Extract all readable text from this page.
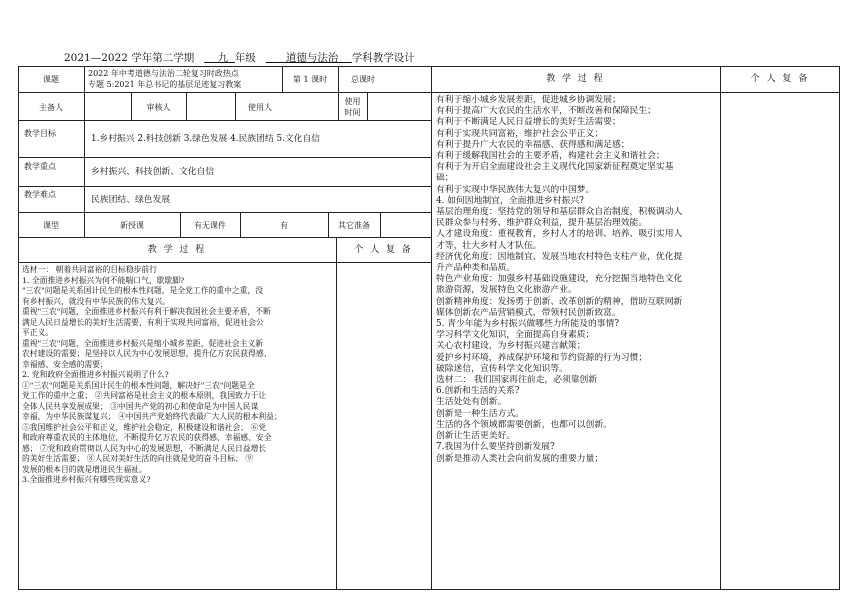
2021—2022 学年第二学期 九 年级	道德与法治 学科教学设计
课题
2022 年中考道德与法治二轮复习时政热点
专题 5:2021 年总书记的基层足迹复习教案
第 1 课时	总课时
主备人	审核人	使用人
使用时间
教学目标
1.乡村振兴 2.科技创新 3.绿色发展 4.民族团结 5.文化自信
教学重点
乡村振兴、科技创新、文化自信
教学难点
民族团结、绿色发展
课型	新授课	有无课件	有	其它准备
教 学 过 程	个 人 复 备
教 学 过 程	个 人 复 备
选材一： 朝着共同富裕的目标稳步前行
1. 全面推进乡村振兴为何不能喘口气、歇歇脚?
"三农"问题是关系国计民生的根本性问题，是全党工作的重中之重，没
有乡村振兴，就没有中华民族的伟大复兴。
重视"三农"问题，全面推进乡村振兴有利于解决我国社会主要矛盾，不断
满足人民日益增长的美好生活需要，有利于实现共同富裕，促进社会公
平正义。
重视"三农"问题，全面推进乡村振兴是缩小城乡差距，促进社会主义新
农村建设的需要；是坚持以人民为中心发展思想，提升亿万农民获得感、
幸福感、安全感的需要；
2. 党和政府全面推进乡村振兴说明了什么?
①"三农"问题是关系国计民生的根本性问题，解决好"三农"问题是全
党工作的重中之重； ②共同富裕是社会主义的根本原则，我国致力于让
全体人民共享发展成果； ③中国共产党的初心和使命是为中国人民谋
幸福，为中华民族谋复兴； ④中国共产党始终代表最广大人民的根本利益；
⑤我国维护社会公平和正义，维护社会稳定，积极建设和谐社会； ⑥党
和政府尊重农民的主体地位，不断提升亿万农民的获得感、幸福感、安全
感； ⑦党和政府贯彻以人民为中心的发展思想，不断满足人民日益增长
的美好生活需要； ⑧人民对美好生活的向往就是党的奋斗目标； ⑨
发展的根本目的就是增进民生福祉。
3.全面推进乡村振兴有哪些现实意义?
有利于缩小城乡发展差距，促进城乡协调发展；
有利于提高广大农民的生活水平，不断改善和保障民生；
有利于不断满足人民日益增长的美好生活需要；
有利于实现共同富裕，维护社会公平正义；
有利于提升广大农民的幸福感、获得感和满足感；
有利于缓解我国社会的主要矛盾，构建社会主义和谐社会；
有利于为开启全面建设社会主义现代化国家新征程奠定坚实基
础；
有利于实现中华民族伟大复兴的中国梦。
4. 如何因地制宜，全面推进乡村振兴?
基层治理角度：坚持党的领导和基层群众自治制度，积极调动人
民群众参与村务、维护群众利益，提升基层治理效能。
人才建设角度：重视教育，乡村人才的培训、培养、吸引实用人
才等，壮大乡村人才队伍。
经济优化角度：因地制宜、发展当地农村特色支柱产业，优化提
升产品种类和品质。
特色产业角度：加强乡村基础设施建设，充分挖掘当地特色文化
旅游资源，发展特色文化旅游产业。
创新精神角度：发扬勇于创新、改革创新的精神，借助互联网新
媒体创新农产品营销模式，带领村民创新致富。
5. 青少年能为乡村振兴做哪些力所能及的事情?
学习科学文化知识，全面提高自身素质；
关心农村建设，为乡村振兴建言献策；
爱护乡村环境，养成保护环境和节约资源的行为习惯；
破除迷信，宣传科学文化知识等。
选材二： 我们国家再往前走，必须靠创新
6.创新和生活的关系?
生活处处有创新。
创新是一种生活方式。
生活的各个领域都需要创新，也都可以创新。
创新让生活更美好。
7.我国为什么要坚持创新发展?
创新是推动人类社会向前发展的重要力量；
